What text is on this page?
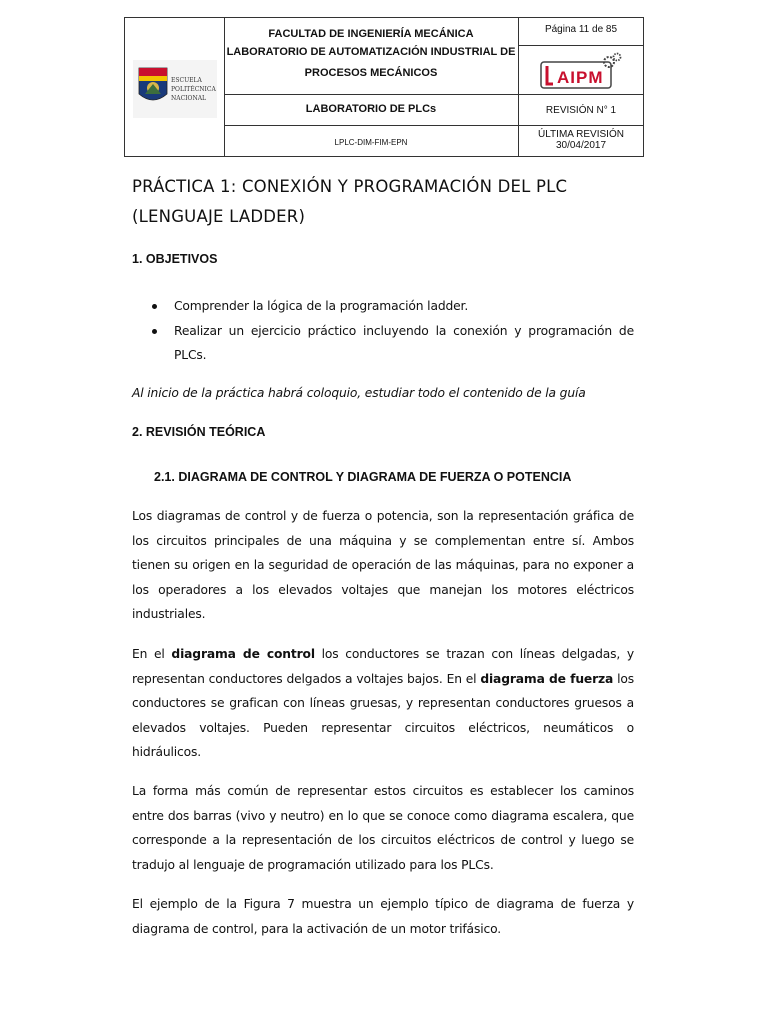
ESCUELA
POLITÉCNICA
NACIONAL
FACULTAD DE INGENIERÍA MECÁNICA
LABORATORIO DE AUTOMATIZACIÓN INDUSTRIAL DE
PROCESOS MECÁNICOS
LABORATORIO DE PLCs
LPLC-DIM-FIM-EPN
Página 11 de 85
AIPM
REVISIÓN N° 1
ÚLTIMA REVISIÓN
30/04/2017
PRÁCTICA 1: CONEXIÓN Y PROGRAMACIÓN DEL PLC
(LENGUAJE LADDER)
1. OBJETIVOS
Comprender la lógica de la programación ladder.
Realizar un ejercicio práctico incluyendo la conexión y programación de PLCs.
Al inicio de la práctica habrá coloquio, estudiar todo el contenido de la guía
2. REVISIÓN TEÓRICA
2.1. DIAGRAMA DE CONTROL Y DIAGRAMA DE FUERZA O POTENCIA
Los diagramas de control y de fuerza o potencia, son la representación gráfica de los circuitos principales de una máquina y se complementan entre sí. Ambos tienen su origen en la seguridad de operación de las máquinas, para no exponer a los operadores a los elevados voltajes que manejan los motores eléctricos industriales.
En el diagrama de control los conductores se trazan con líneas delgadas, y representan conductores delgados a voltajes bajos. En el diagrama de fuerza los conductores se grafican con líneas gruesas, y representan conductores gruesos a elevados voltajes. Pueden representar circuitos eléctricos, neumáticos o hidráulicos.
La forma más común de representar estos circuitos es establecer los caminos entre dos barras (vivo y neutro) en lo que se conoce como diagrama escalera, que corresponde a la representación de los circuitos eléctricos de control y luego se tradujo al lenguaje de programación utilizado para los PLCs.
El ejemplo de la Figura 7 muestra un ejemplo típico de diagrama de fuerza y diagrama de control, para la activación de un motor trifásico.
